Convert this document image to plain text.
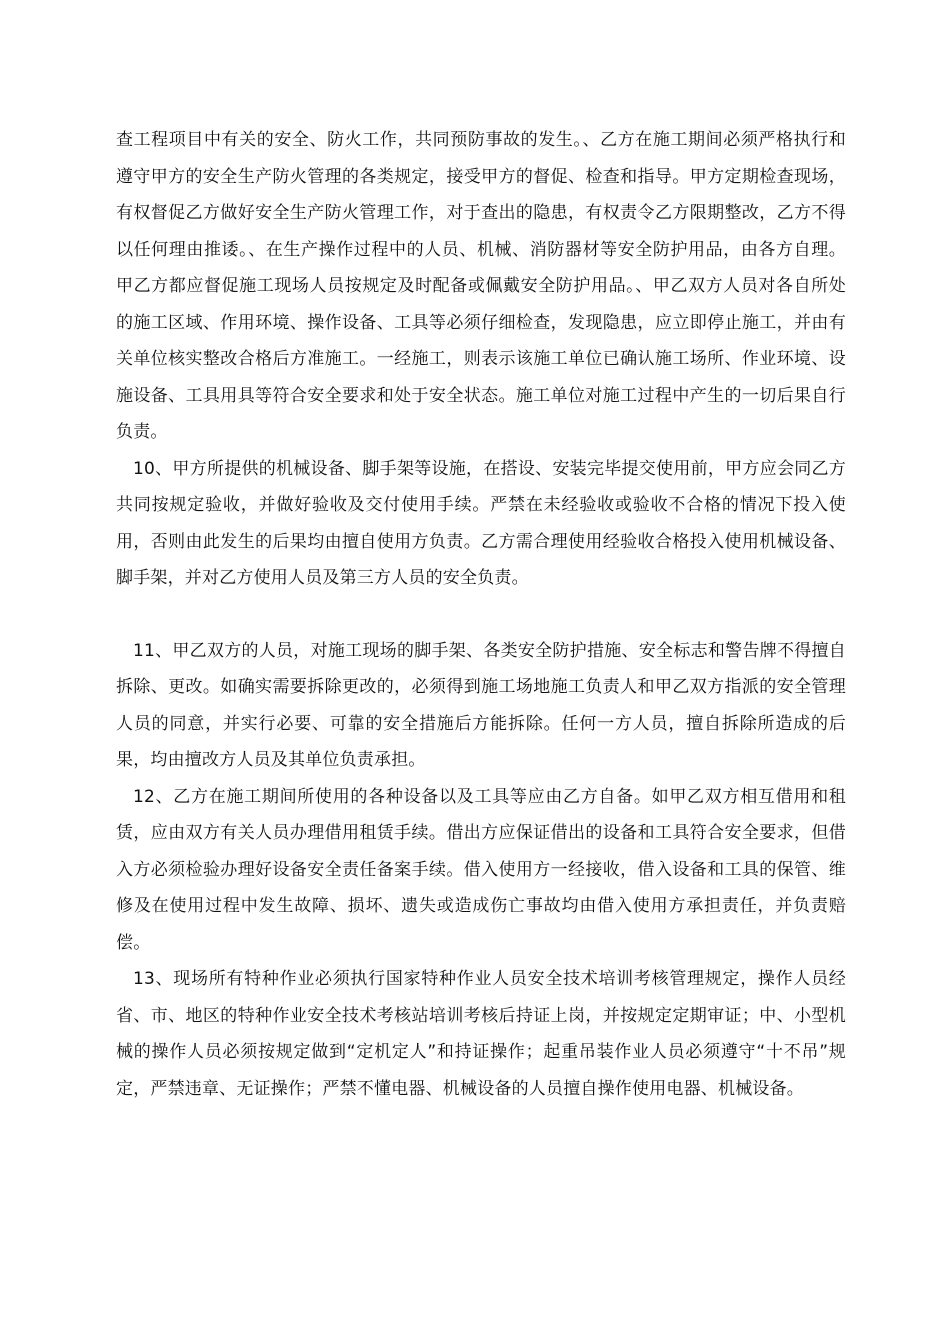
查工程项目中有关的安全、防火工作，共同预防事故的发生。、乙方在施工期间必须严格执行和遵守甲方的安全生产防火管理的各类规定，接受甲方的督促、检查和指导。甲方定期检查现场，有权督促乙方做好安全生产防火管理工作，对于查出的隐患，有权责令乙方限期整改，乙方不得以任何理由推诿。、在生产操作过程中的人员、机械、消防器材等安全防护用品，由各方自理。甲乙方都应督促施工现场人员按规定及时配备或佩戴安全防护用品。、甲乙双方人员对各自所处的施工区域、作用环境、操作设备、工具等必须仔细检查，发现隐患，应立即停止施工，并由有关单位核实整改合格后方准施工。一经施工，则表示该施工单位已确认施工场所、作业环境、设施设备、工具用具等符合安全要求和处于安全状态。施工单位对施工过程中产生的一切后果自行负责。

10、甲方所提供的机械设备、脚手架等设施，在搭设、安装完毕提交使用前，甲方应会同乙方共同按规定验收，并做好验收及交付使用手续。严禁在未经验收或验收不合格的情况下投入使用，否则由此发生的后果均由擅自使用方负责。乙方需合理使用经验收合格投入使用机械设备、脚手架，并对乙方使用人员及第三方人员的安全负责。

11、甲乙双方的人员，对施工现场的脚手架、各类安全防护措施、安全标志和警告牌不得擅自拆除、更改。如确实需要拆除更改的，必须得到施工场地施工负责人和甲乙双方指派的安全管理人员的同意，并实行必要、可靠的安全措施后方能拆除。任何一方人员，擅自拆除所造成的后果，均由擅改方人员及其单位负责承担。

12、乙方在施工期间所使用的各种设备以及工具等应由乙方自备。如甲乙双方相互借用和租赁，应由双方有关人员办理借用租赁手续。借出方应保证借出的设备和工具符合安全要求，但借入方必须检验办理好设备安全责任备案手续。借入使用方一经接收，借入设备和工具的保管、维修及在使用过程中发生故障、损坏、遗失或造成伤亡事故均由借入使用方承担责任，并负责赔偿。

13、现场所有特种作业必须执行国家特种作业人员安全技术培训考核管理规定，操作人员经省、市、地区的特种作业安全技术考核站培训考核后持证上岗，并按规定定期审证；中、小型机械的操作人员必须按规定做到“定机定人”和持证操作；起重吊装作业人员必须遵守“十不吊”规定，严禁违章、无证操作；严禁不懂电器、机械设备的人员擅自操作使用电器、机械设备。
